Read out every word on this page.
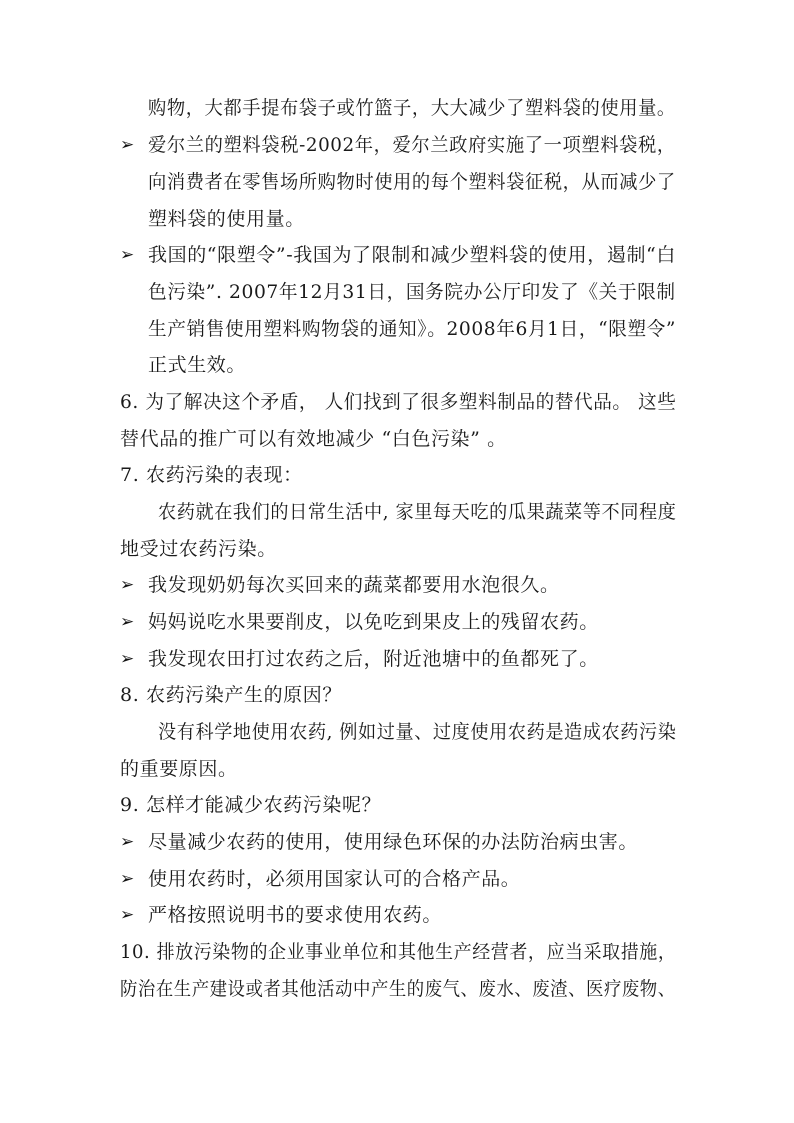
购物，大都手提布袋子或竹篮子，大大减少了塑料袋的使用量。
➢ 爱尔兰的塑料袋税-2002年，爱尔兰政府实施了一项塑料袋税，
向消费者在零售场所购物时使用的每个塑料袋征税，从而减少了
塑料袋的使用量。
➢ 我国的“限塑令”-我国为了限制和减少塑料袋的使用，遏制“白
色污染”. 2007年12月31日，国务院办公厅印发了《关于限制
生产销售使用塑料购物袋的通知》。2008年6月1日，“限塑令”
正式生效。
6. 为了解决这个矛盾， 人们找到了很多塑料制品的替代品。 这些
替代品的推广可以有效地减少 “白色污染” 。
7. 农药污染的表现：
农药就在我们的日常生活中, 家里每天吃的瓜果蔬菜等不同程度
地受过农药污染。
➢ 我发现奶奶每次买回来的蔬菜都要用水泡很久。
➢ 妈妈说吃水果要削皮，以免吃到果皮上的残留农药。
➢ 我发现农田打过农药之后，附近池塘中的鱼都死了。
8. 农药污染产生的原因？
没有科学地使用农药, 例如过量、过度使用农药是造成农药污染
的重要原因。
9. 怎样才能减少农药污染呢？
➢ 尽量减少农药的使用，使用绿色环保的办法防治病虫害。
➢ 使用农药时，必须用国家认可的合格产品。
➢ 严格按照说明书的要求使用农药。
10. 排放污染物的企业事业单位和其他生产经营者，应当采取措施，
防治在生产建设或者其他活动中产生的废气、废水、废渣、医疗废物、
